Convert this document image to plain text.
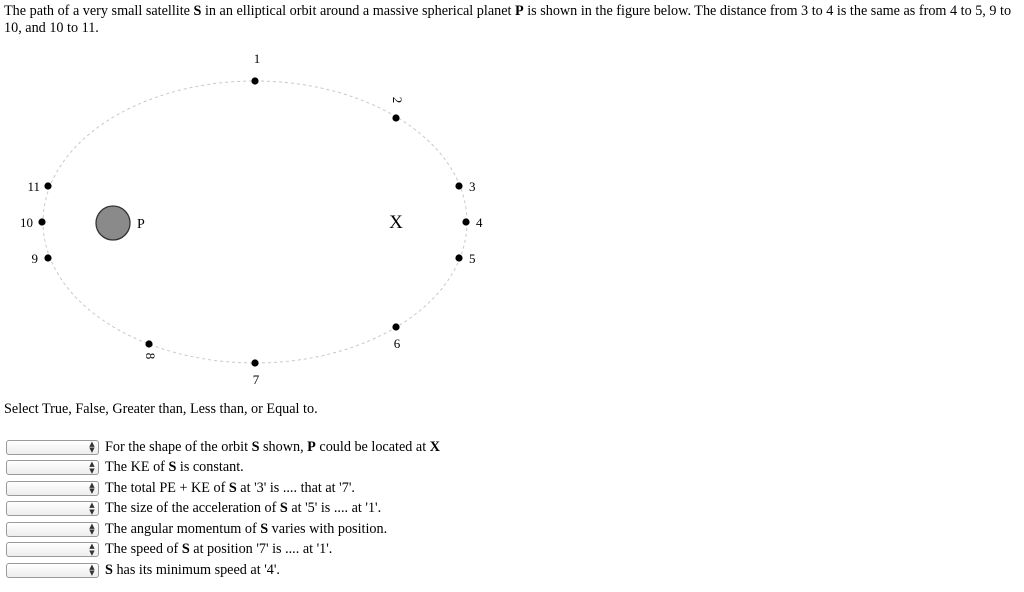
The path of a very small satellite S in an elliptical orbit around a massive spherical planet P is shown in the figure below. The distance from 3 to 4 is the same as from 4 to 5, 9 to 10, and 10 to 11.
P	X
1
2
3
4
5
6
7
8
9
10
11
Select True, False, Greater than, Less than, or Equal to.
▲
▼ For the shape of the orbit S shown, P could be located at X
▲
▼ The KE of S is constant.
▲
▼ The total PE + KE of S at '3' is .... that at '7'.
▲
▼ The size of the acceleration of S at '5' is .... at '1'.
▲
▼ The angular momentum of S varies with position.
▲
▼ The speed of S at position '7' is .... at '1'.
▲
▼ S has its minimum speed at '4'.
